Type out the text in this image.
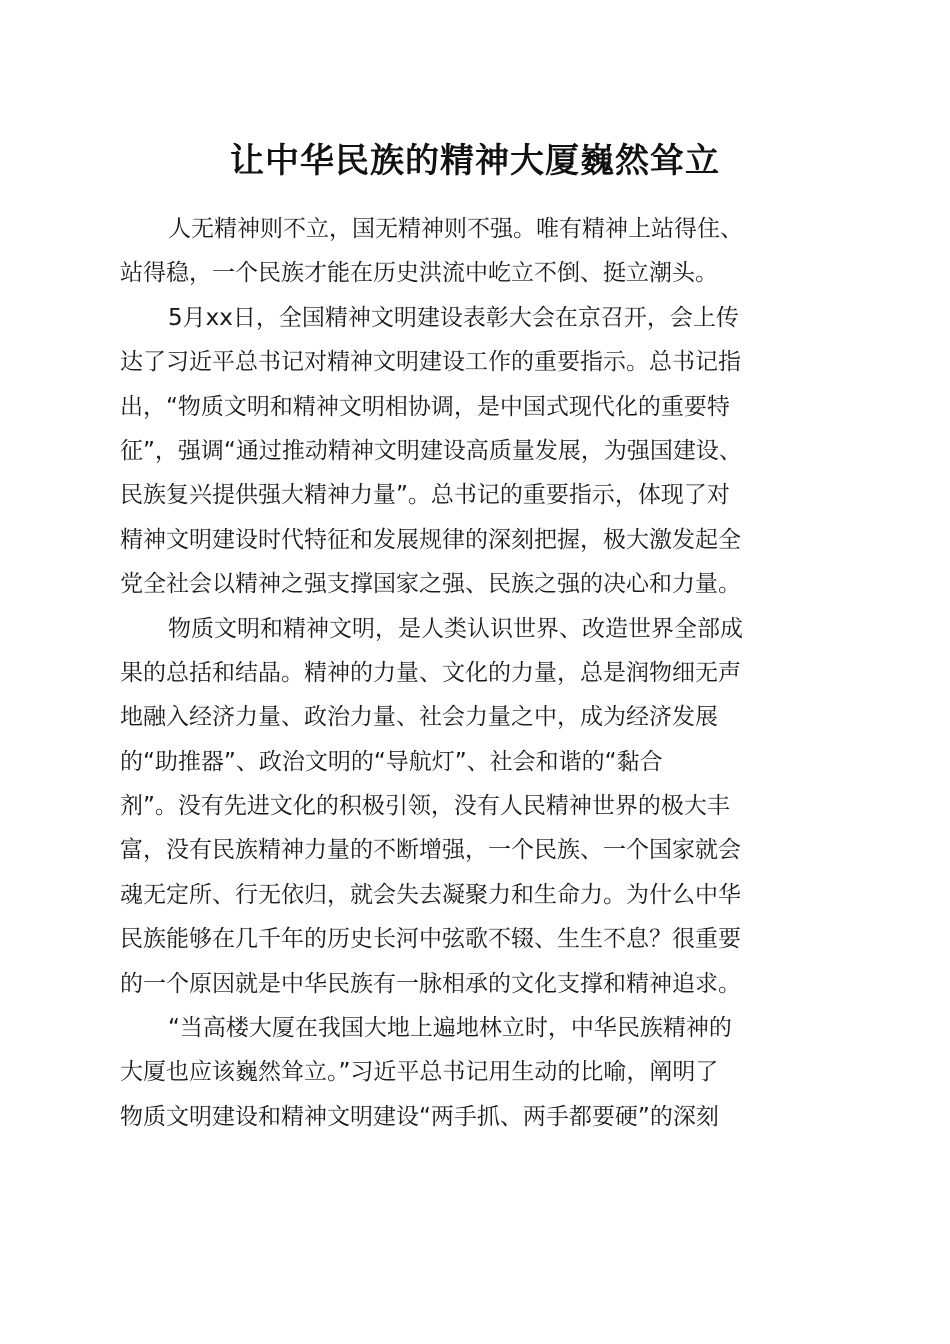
让中华民族的精神大厦巍然耸立
人无精神则不立，国无精神则不强。唯有精神上站得住、
站得稳，一个民族才能在历史洪流中屹立不倒、挺立潮头。
5月xx日，全国精神文明建设表彰大会在京召开，会上传
达了习近平总书记对精神文明建设工作的重要指示。总书记指
出，“物质文明和精神文明相协调，是中国式现代化的重要特
征”，强调“通过推动精神文明建设高质量发展，为强国建设、
民族复兴提供强大精神力量”。总书记的重要指示，体现了对
精神文明建设时代特征和发展规律的深刻把握，极大激发起全
党全社会以精神之强支撑国家之强、民族之强的决心和力量。
物质文明和精神文明，是人类认识世界、改造世界全部成
果的总括和结晶。精神的力量、文化的力量，总是润物细无声
地融入经济力量、政治力量、社会力量之中，成为经济发展
的“助推器”、政治文明的“导航灯”、社会和谐的“黏合
剂”。没有先进文化的积极引领，没有人民精神世界的极大丰
富，没有民族精神力量的不断增强，一个民族、一个国家就会
魂无定所、行无依归，就会失去凝聚力和生命力。为什么中华
民族能够在几千年的历史长河中弦歌不辍、生生不息？很重要
的一个原因就是中华民族有一脉相承的文化支撑和精神追求。
“当高楼大厦在我国大地上遍地林立时，中华民族精神的
大厦也应该巍然耸立。”习近平总书记用生动的比喻，阐明了
物质文明建设和精神文明建设“两手抓、两手都要硬”的深刻
